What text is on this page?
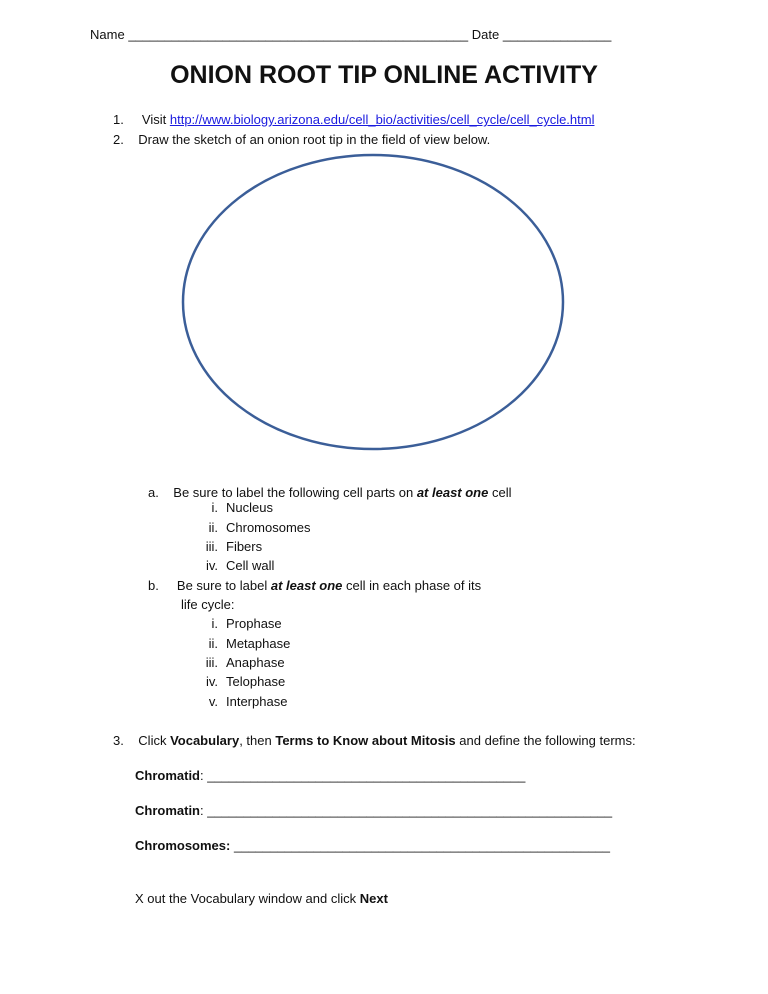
Name _______________________________________________ Date _______________
ONION ROOT TIP ONLINE ACTIVITY
1. Visit http://www.biology.arizona.edu/cell_bio/activities/cell_cycle/cell_cycle.html
2. Draw the sketch of an onion root tip in the field of view below.
a. Be sure to label the following cell parts on at least one cell
i. Nucleus
ii. Chromosomes
iii. Fibers
iv. Cell wall
b. Be sure to label at least one cell in each phase of its
life cycle:
i. Prophase
ii. Metaphase
iii. Anaphase
iv. Telophase
v. Interphase
3. Click Vocabulary, then Terms to Know about Mitosis and define the following terms:
Chromatid: ____________________________________________
Chromatin: ________________________________________________________
Chromosomes: ____________________________________________________
X out the Vocabulary window and click Next
